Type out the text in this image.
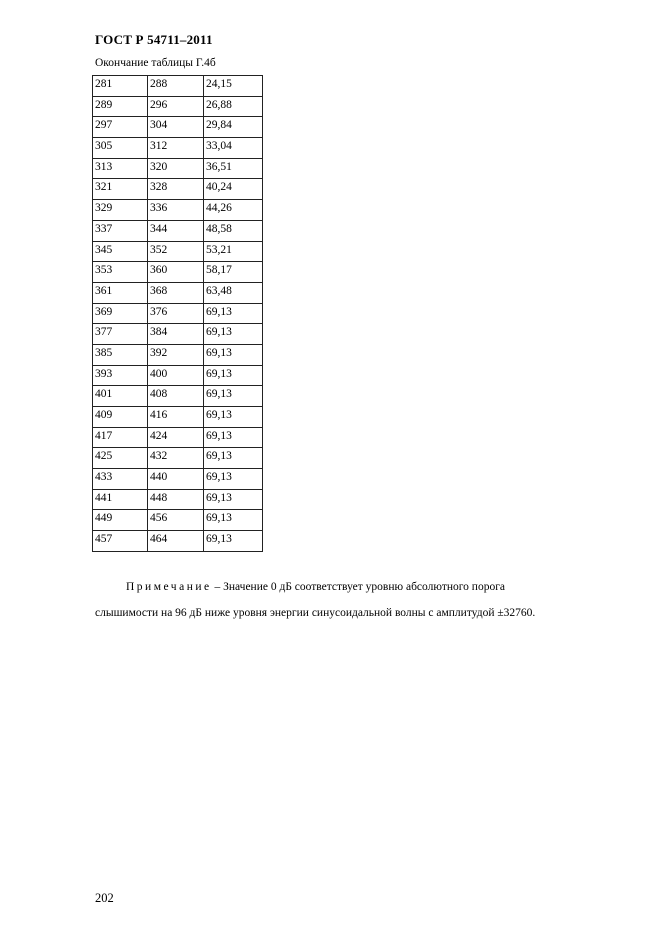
ГОСТ Р 54711–2011
Окончание таблицы Г.4б
281	288	24,15
289	296	26,88
297	304	29,84
305	312	33,04
313	320	36,51
321	328	40,24
329	336	44,26
337	344	48,58
345	352	53,21
353	360	58,17
361	368	63,48
369	376	69,13
377	384	69,13
385	392	69,13
393	400	69,13
401	408	69,13
409	416	69,13
417	424	69,13
425	432	69,13
433	440	69,13
441	448	69,13
449	456	69,13
457	464	69,13
Примечание – Значение 0 дБ соответствует уровню абсолютного порога
слышимости на 96 дБ ниже уровня энергии синусоидальной волны с амплитудой ±32760.
202
